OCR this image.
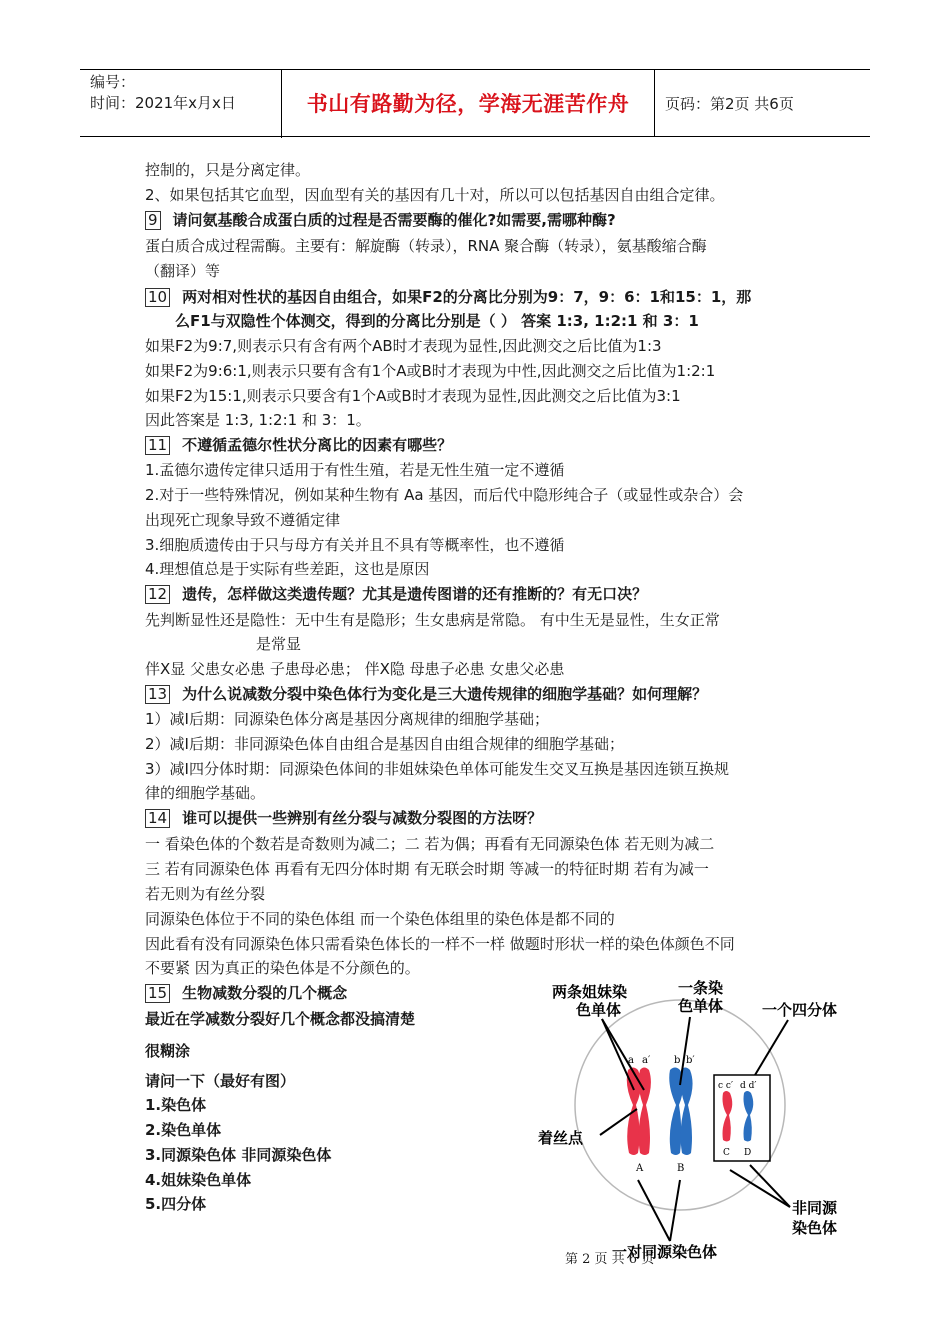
编号：
时间：2021年x月x日	书山有路勤为径，学海无涯苦作舟	页码：第2页 共6页
控制的，只是分离定律。
2、如果包括其它血型，因血型有关的基因有几十对，所以可以包括基因自由组合定律。
9 请问氨基酸合成蛋白质的过程是否需要酶的催化?如需要,需哪种酶?
蛋白质合成过程需酶。主要有：解旋酶（转录），RNA 聚合酶（转录），氨基酸缩合酶
（翻译）等
10 两对相对性状的基因自由组合，如果F2的分离比分别为9：7，9：6：1和15：1，那
么F1与双隐性个体测交，得到的分离比分别是（ ） 答案 1:3, 1:2:1 和 3：1
如果F2为9:7,则表示只有含有两个AB时才表现为显性,因此测交之后比值为1:3
如果F2为9:6:1,则表示只要有含有1个A或B时才表现为中性,因此测交之后比值为1:2:1
如果F2为15:1,则表示只要含有1个A或B时才表现为显性,因此测交之后比值为3:1
因此答案是 1:3, 1:2:1 和 3：1。
11 不遵循孟德尔性状分离比的因素有哪些？
1.孟德尔遗传定律只适用于有性生殖，若是无性生殖一定不遵循
2.对于一些特殊情况，例如某种生物有 Aa 基因，而后代中隐形纯合子（或显性或杂合）会
出现死亡现象导致不遵循定律
3.细胞质遗传由于只与母方有关并且不具有等概率性，也不遵循
4.理想值总是于实际有些差距，这也是原因
12 遗传，怎样做这类遗传题？尤其是遗传图谱的还有推断的？有无口决？
先判断显性还是隐性：无中生有是隐形；生女患病是常隐。 有中生无是显性，生女正常
是常显
伴X显 父患女必患 子患母必患； 伴X隐 母患子必患 女患父必患
13 为什么说减数分裂中染色体行为变化是三大遗传规律的细胞学基础？如何理解？
1）减Ⅰ后期：同源染色体分离是基因分离规律的细胞学基础；
2）减Ⅰ后期：非同源染色体自由组合是基因自由组合规律的细胞学基础；
3）减Ⅰ四分体时期：同源染色体间的非姐妹染色单体可能发生交叉互换是基因连锁互换规
律的细胞学基础。
14 谁可以提供一些辨别有丝分裂与减数分裂图的方法呀？
一 看染色体的个数若是奇数则为减二；二 若为偶；再看有无同源染色体 若无则为减二
三 若有同源染色体 再看有无四分体时期 有无联会时期 等减一的特征时期 若有为减一
若无则为有丝分裂
同源染色体位于不同的染色体组 而一个染色体组里的染色体是都不同的
因此看有没有同源染色体只需看染色体长的一样不一样 做题时形状一样的染色体颜色不同
不要紧 因为真正的染色体是不分颜色的。
15 生物减数分裂的几个概念
最近在学减数分裂好几个概念都没搞清楚
很糊涂
请问一下（最好有图）
1.染色体
2.染色单体
3.同源染色体 非同源染色体
4.姐妹染色单体
5.四分体
a a′ b b′
c c′ d d′
A	B
C D
两条姐妹染
色单体
一条染
色单体	一个四分体
着丝点
非同源
染色体
一对同源染色体
第 2 页 共 6 页
